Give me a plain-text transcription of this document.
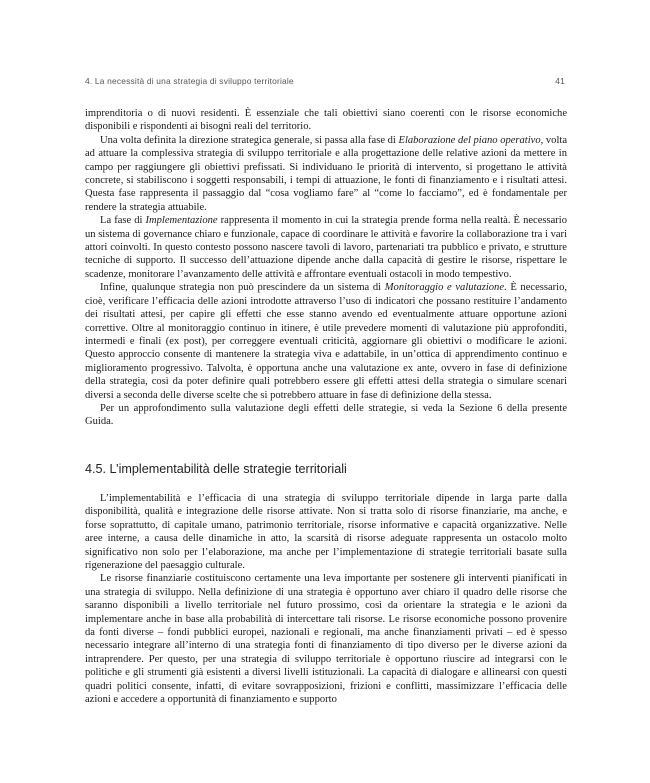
4. La necessità di una strategia di sviluppo territoriale	41

imprenditoria o di nuovi residenti. È essenziale che tali obiettivi siano coerenti con le risorse economiche disponibili e rispondenti ai bisogni reali del territorio.

Una volta definita la direzione strategica generale, si passa alla fase di Elaborazione del piano operativo, volta ad attuare la complessiva strategia di sviluppo territoriale e alla progettazione delle relative azioni da mettere in campo per raggiungere gli obiettivi prefissati. Si individuano le priorità di intervento, si progettano le attività concrete, si stabiliscono i soggetti responsabili, i tempi di attuazione, le fonti di finanziamento e i risultati attesi. Questa fase rappresenta il passaggio dal “cosa vogliamo fare” al “come lo facciamo”, ed è fondamentale per rendere la strategia attuabile.

La fase di Implementazione rappresenta il momento in cui la strategia prende forma nella realtà. È necessario un sistema di governance chiaro e funzionale, capace di coordinare le attività e favorire la collaborazione tra i vari attori coinvolti. In questo contesto possono nascere tavoli di lavoro, partenariati tra pubblico e privato, e strutture tecniche di supporto. Il successo dell’attuazione dipende anche dalla capacità di gestire le risorse, rispettare le scadenze, monitorare l’avanzamento delle attività e affrontare eventuali ostacoli in modo tempestivo.

Infine, qualunque strategia non può prescindere da un sistema di Monitoraggio e valutazione. È necessario, cioè, verificare l’efficacia delle azioni introdotte attraverso l’uso di indicatori che possano restituire l’andamento dei risultati attesi, per capire gli effetti che esse stanno avendo ed eventualmente attuare opportune azioni correttive. Oltre al monitoraggio continuo in itinere, è utile prevedere momenti di valutazione più approfonditi, intermedi e finali (ex post), per correggere eventuali criticità, aggiornare gli obiettivi o modificare le azioni. Questo approccio consente di mantenere la strategia viva e adattabile, in un’ottica di apprendimento continuo e miglioramento progressivo. Talvolta, è opportuna anche una valutazione ex ante, ovvero in fase di definizione della strategia, così da poter definire quali potrebbero essere gli effetti attesi della strategia o simulare scenari diversi a seconda delle diverse scelte che si potrebbero attuare in fase di definizione della stessa.

Per un approfondimento sulla valutazione degli effetti delle strategie, si veda la Sezione 6 della presente Guida.

4.5. L’implementabilità delle strategie territoriali

L’implementabilità e l’efficacia di una strategia di sviluppo territoriale dipende in larga parte dalla disponibilità, qualità e integrazione delle risorse attivate. Non si tratta solo di risorse finanziarie, ma anche, e forse soprattutto, di capitale umano, patrimonio territoriale, risorse informative e capacità organizzative. Nelle aree interne, a causa delle dinamiche in atto, la scarsità di risorse adeguate rappresenta un ostacolo molto significativo non solo per l’elaborazione, ma anche per l’implementazione di strategie territoriali basate sulla rigenerazione del paesaggio culturale.

Le risorse finanziarie costituiscono certamente una leva importante per sostenere gli interventi pianificati in una strategia di sviluppo. Nella definizione di una strategia è opportuno aver chiaro il quadro delle risorse che saranno disponibili a livello territoriale nel futuro prossimo, così da orientare la strategia e le azioni da implementare anche in base alla probabilità di intercettare tali risorse. Le risorse economiche possono provenire da fonti diverse – fondi pubblici europei, nazionali e regionali, ma anche finanziamenti privati – ed è spesso necessario integrare all’interno di una strategia fonti di finanziamento di tipo diverso per le diverse azioni da intraprendere. Per questo, per una strategia di sviluppo territoriale è opportuno riuscire ad integrarsi con le politiche e gli strumenti già esistenti a diversi livelli istituzionali. La capacità di dialogare e allinearsi con questi quadri politici consente, infatti, di evitare sovrapposizioni, frizioni e conflitti, massimizzare l’efficacia delle azioni e accedere a opportunità di finanziamento e supporto
